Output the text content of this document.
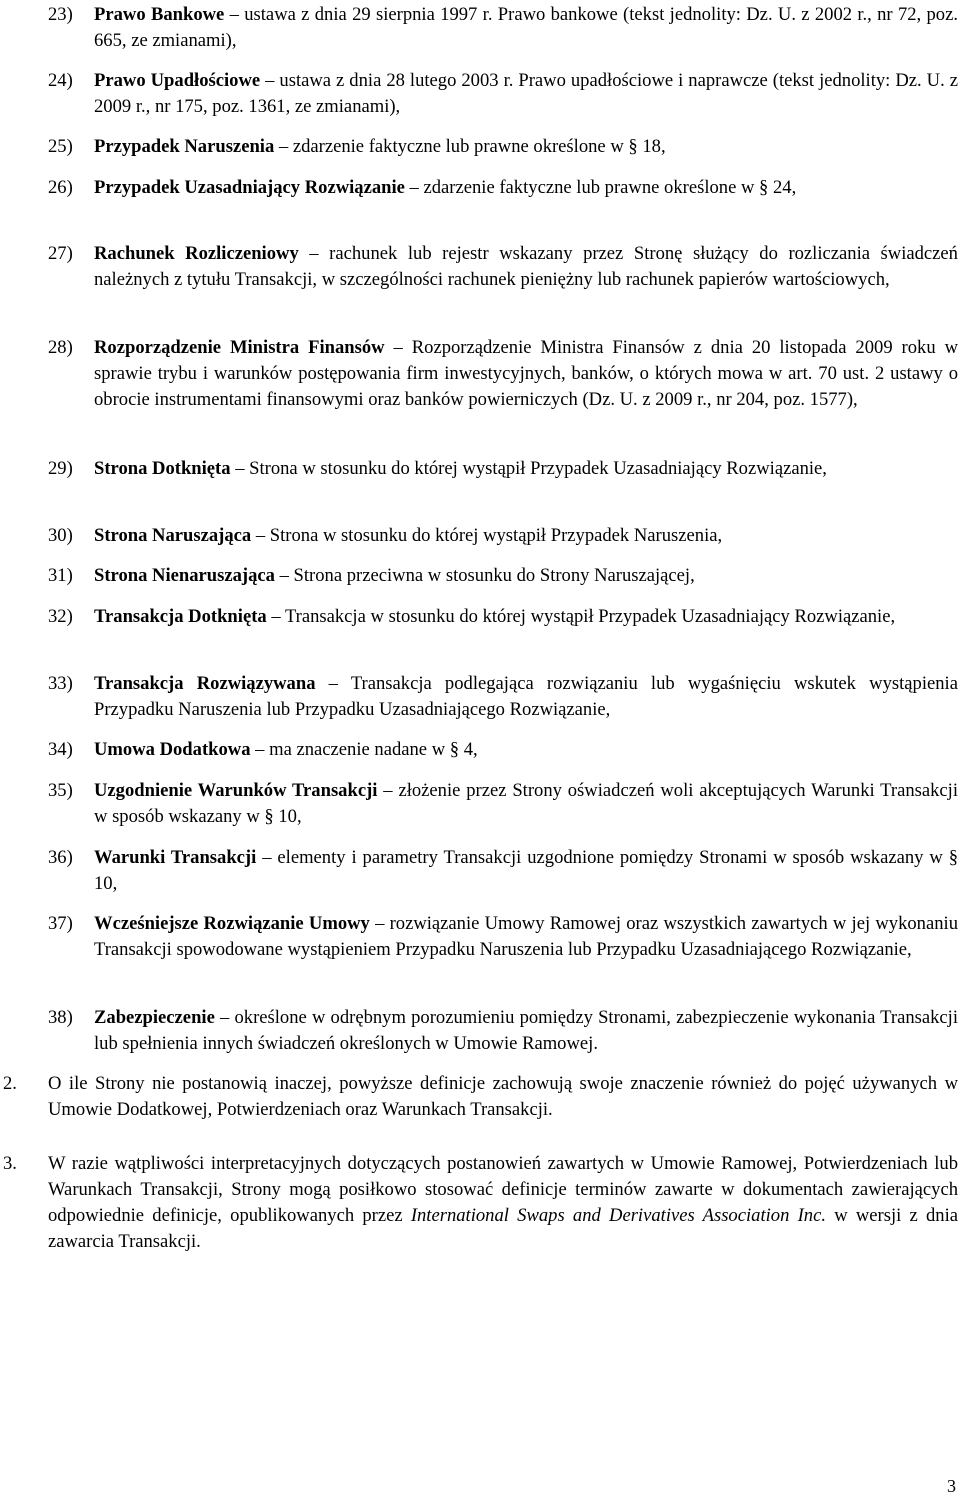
23) Prawo Bankowe – ustawa z dnia 29 sierpnia 1997 r. Prawo bankowe (tekst jednolity: Dz. U. z 2002 r., nr 72, poz. 665, ze zmianami),
24) Prawo Upadłościowe – ustawa z dnia 28 lutego 2003 r. Prawo upadłościowe i naprawcze (tekst jednolity: Dz. U. z 2009 r., nr 175, poz. 1361, ze zmianami),
25) Przypadek Naruszenia – zdarzenie faktyczne lub prawne określone w § 18,
26) Przypadek Uzasadniający Rozwiązanie – zdarzenie faktyczne lub prawne określone w § 24,
27) Rachunek Rozliczeniowy – rachunek lub rejestr wskazany przez Stronę służący do rozliczania świadczeń należnych z tytułu Transakcji, w szczególności rachunek pieniężny lub rachunek papierów wartościowych,
28) Rozporządzenie Ministra Finansów – Rozporządzenie Ministra Finansów z dnia 20 listopada 2009 roku w sprawie trybu i warunków postępowania firm inwestycyjnych, banków, o których mowa w art. 70 ust. 2 ustawy o obrocie instrumentami finansowymi oraz banków powierniczych (Dz. U. z 2009 r., nr 204, poz. 1577),
29) Strona Dotknięta – Strona w stosunku do której wystąpił Przypadek Uzasadniający Rozwiązanie,
30) Strona Naruszająca – Strona w stosunku do której wystąpił Przypadek Naruszenia,
31) Strona Nienaruszająca – Strona przeciwna w stosunku do Strony Naruszającej,
32) Transakcja Dotknięta – Transakcja w stosunku do której wystąpił Przypadek Uzasadniający Rozwiązanie,
33) Transakcja Rozwiązywana – Transakcja podlegająca rozwiązaniu lub wygaśnięciu wskutek wystąpienia Przypadku Naruszenia lub Przypadku Uzasadniającego Rozwiązanie,
34) Umowa Dodatkowa – ma znaczenie nadane w § 4,
35) Uzgodnienie Warunków Transakcji – złożenie przez Strony oświadczeń woli akceptujących Warunki Transakcji w sposób wskazany w § 10,
36) Warunki Transakcji – elementy i parametry Transakcji uzgodnione pomiędzy Stronami w sposób wskazany w § 10,
37) Wcześniejsze Rozwiązanie Umowy – rozwiązanie Umowy Ramowej oraz wszystkich zawartych w jej wykonaniu Transakcji spowodowane wystąpieniem Przypadku Naruszenia lub Przypadku Uzasadniającego Rozwiązanie,
38) Zabezpieczenie – określone w odrębnym porozumieniu pomiędzy Stronami, zabezpieczenie wykonania Transakcji lub spełnienia innych świadczeń określonych w Umowie Ramowej.
2. O ile Strony nie postanowią inaczej, powyższe definicje zachowują swoje znaczenie również do pojęć używanych w Umowie Dodatkowej, Potwierdzeniach oraz Warunkach Transakcji.
3. W razie wątpliwości interpretacyjnych dotyczących postanowień zawartych w Umowie Ramowej, Potwierdzeniach lub Warunkach Transakcji, Strony mogą posiłkowo stosować definicje terminów zawarte w dokumentach zawierających odpowiednie definicje, opublikowanych przez International Swaps and Derivatives Association Inc. w wersji z dnia zawarcia Transakcji.
3
